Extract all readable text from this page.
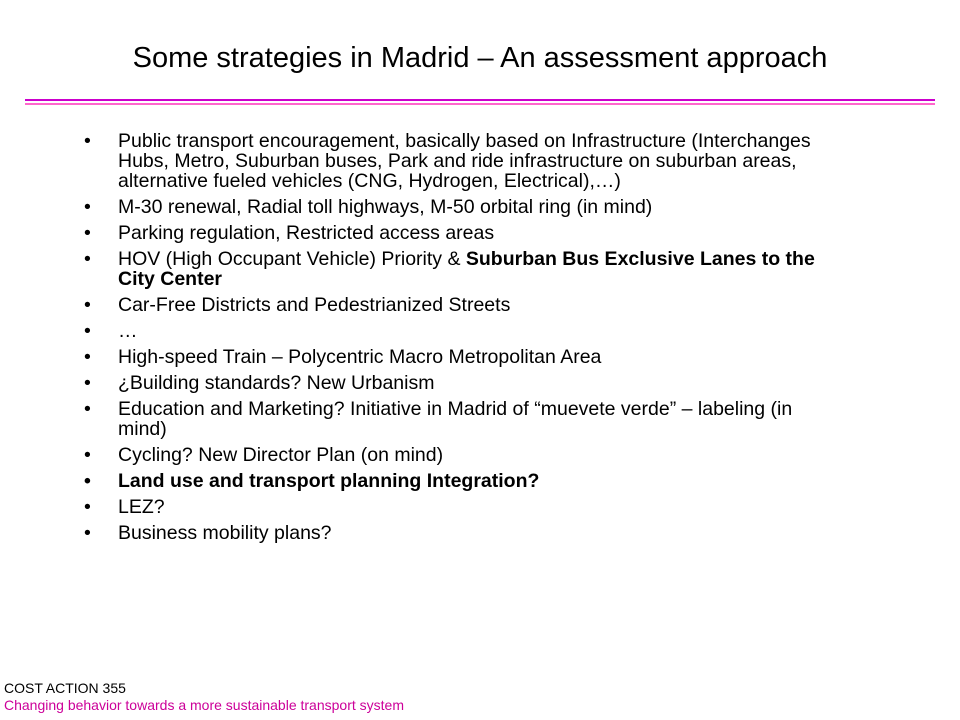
Some strategies in Madrid – An assessment approach
• Public transport encouragement, basically based on Infrastructure (Interchanges Hubs, Metro, Suburban buses, Park and ride infrastructure on suburban areas, alternative fueled vehicles (CNG, Hydrogen, Electrical),…)
• M-30 renewal, Radial toll highways, M-50 orbital ring (in mind)
• Parking regulation, Restricted access areas
• HOV (High Occupant Vehicle) Priority & Suburban Bus Exclusive Lanes to the City Center
• Car-Free Districts and Pedestrianized Streets
• …
• High-speed Train – Polycentric Macro Metropolitan Area
• ¿Building standards? New Urbanism
• Education and Marketing? Initiative in Madrid of “muevete verde” – labeling (in mind)
• Cycling? New Director Plan (on mind)
• Land use and transport planning Integration?
• LEZ?
• Business mobility plans?
COST ACTION 355
Changing behavior towards a more sustainable transport system
